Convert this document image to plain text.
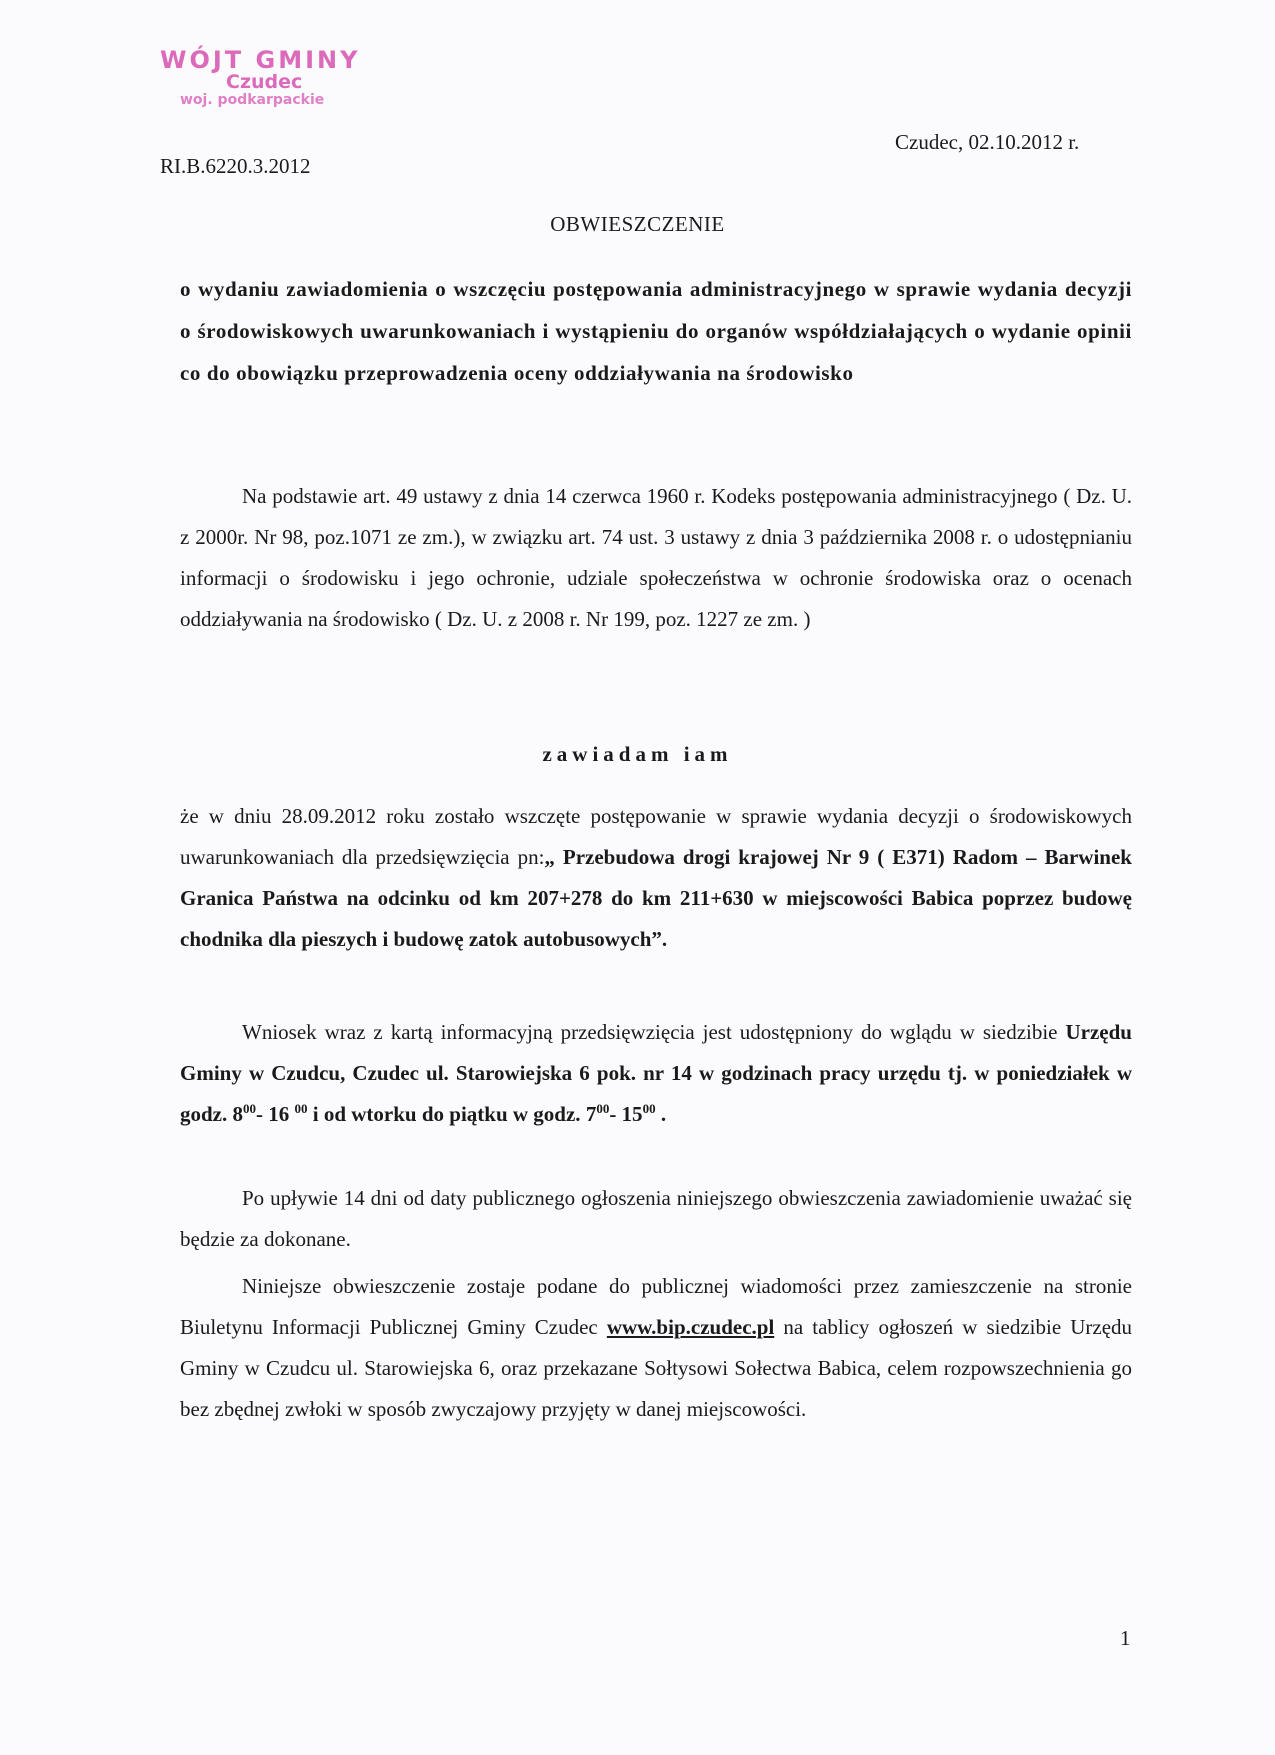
WÓJT GMINY
Czudec
woj. podkarpackie
Czudec, 02.10.2012 r.
RI.B.6220.3.2012
OBWIESZCZENIE

o wydaniu zawiadomienia o wszczęciu postępowania administracyjnego w sprawie wydania decyzji o środowiskowych uwarunkowaniach i wystąpieniu do organów współdziałających o wydanie opinii co do obowiązku przeprowadzenia oceny oddziaływania na środowisko

Na podstawie art. 49 ustawy z dnia 14 czerwca 1960 r. Kodeks postępowania administracyjnego ( Dz. U. z 2000r. Nr 98, poz.1071 ze zm.), w związku art. 74 ust. 3 ustawy z dnia 3 października 2008 r. o udostępnianiu informacji o środowisku i jego ochronie, udziale społeczeństwa w ochronie środowiska oraz o ocenach oddziaływania na środowisko ( Dz. U. z 2008 r. Nr 199, poz. 1227 ze zm. )

zawiadam iam

że w dniu 28.09.2012 roku zostało wszczęte postępowanie w sprawie wydania decyzji o środowiskowych uwarunkowaniach dla przedsięwzięcia pn:„ Przebudowa drogi krajowej Nr 9 ( E371) Radom – Barwinek Granica Państwa na odcinku od km 207+278 do km 211+630 w miejscowości Babica poprzez budowę chodnika dla pieszych i budowę zatok autobusowych”.

Wniosek wraz z kartą informacyjną przedsięwzięcia jest udostępniony do wglądu w siedzibie Urzędu Gminy w Czudcu, Czudec ul. Starowiejska 6 pok. nr 14 w godzinach pracy urzędu tj. w poniedziałek w godz. $8^{00}-$ 16 $^{00}$ i od wtorku do piątku w godz. $7^{00}-$ $15^{00}$ .

Po upływie 14 dni od daty publicznego ogłoszenia niniejszego obwieszczenia zawiadomienie uważać się będzie za dokonane.

Niniejsze obwieszczenie zostaje podane do publicznej wiadomości przez zamieszczenie na stronie Biuletynu Informacji Publicznej Gminy Czudec www.bip.czudec.pl na tablicy ogłoszeń w siedzibie Urzędu Gminy w Czudcu ul. Starowiejska 6, oraz przekazane Sołtysowi Sołectwa Babica, celem rozpowszechnienia go bez zbędnej zwłoki w sposób zwyczajowy przyjęty w danej miejscowości.

1
